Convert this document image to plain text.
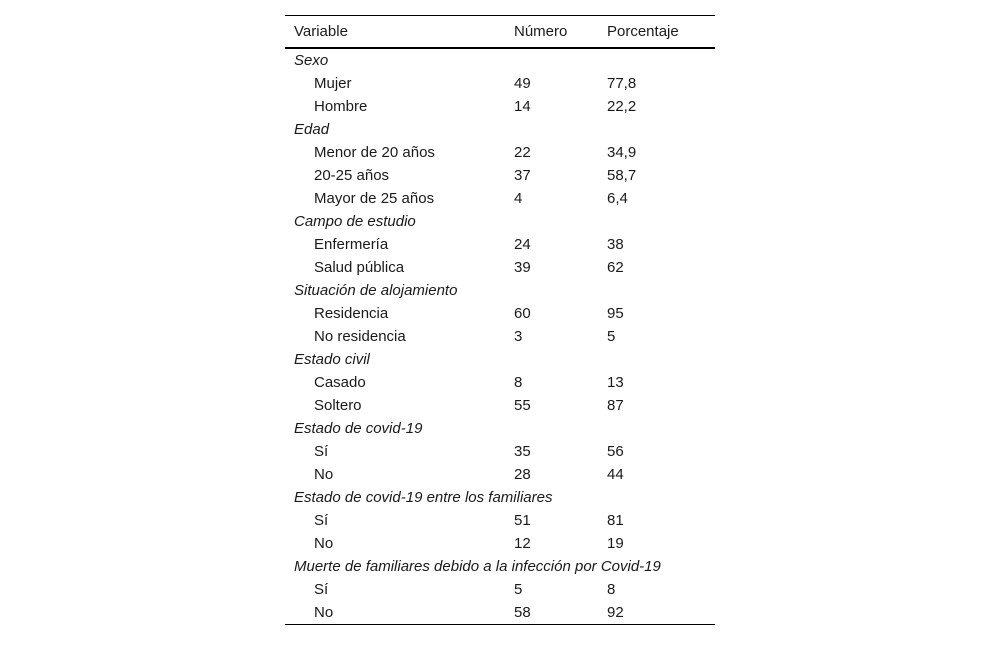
Variable	Número	Porcentaje
Sexo		
Mujer	49	77,8
Hombre	14	22,2
Edad		
Menor de 20 años	22	34,9
20-25 años	37	58,7
Mayor de 25 años	4	6,4
Campo de estudio		
Enfermería	24	38
Salud pública	39	62
Situación de alojamiento		
Residencia	60	95
No residencia	3	5
Estado civil		
Casado	8	13
Soltero	55	87
Estado de covid-19		
Sí	35	56
No	28	44
Estado de covid-19 entre los familiares		
Sí	51	81
No	12	19
Muerte de familiares debido a la infección por Covid-19		
Sí	5	8
No	58	92
